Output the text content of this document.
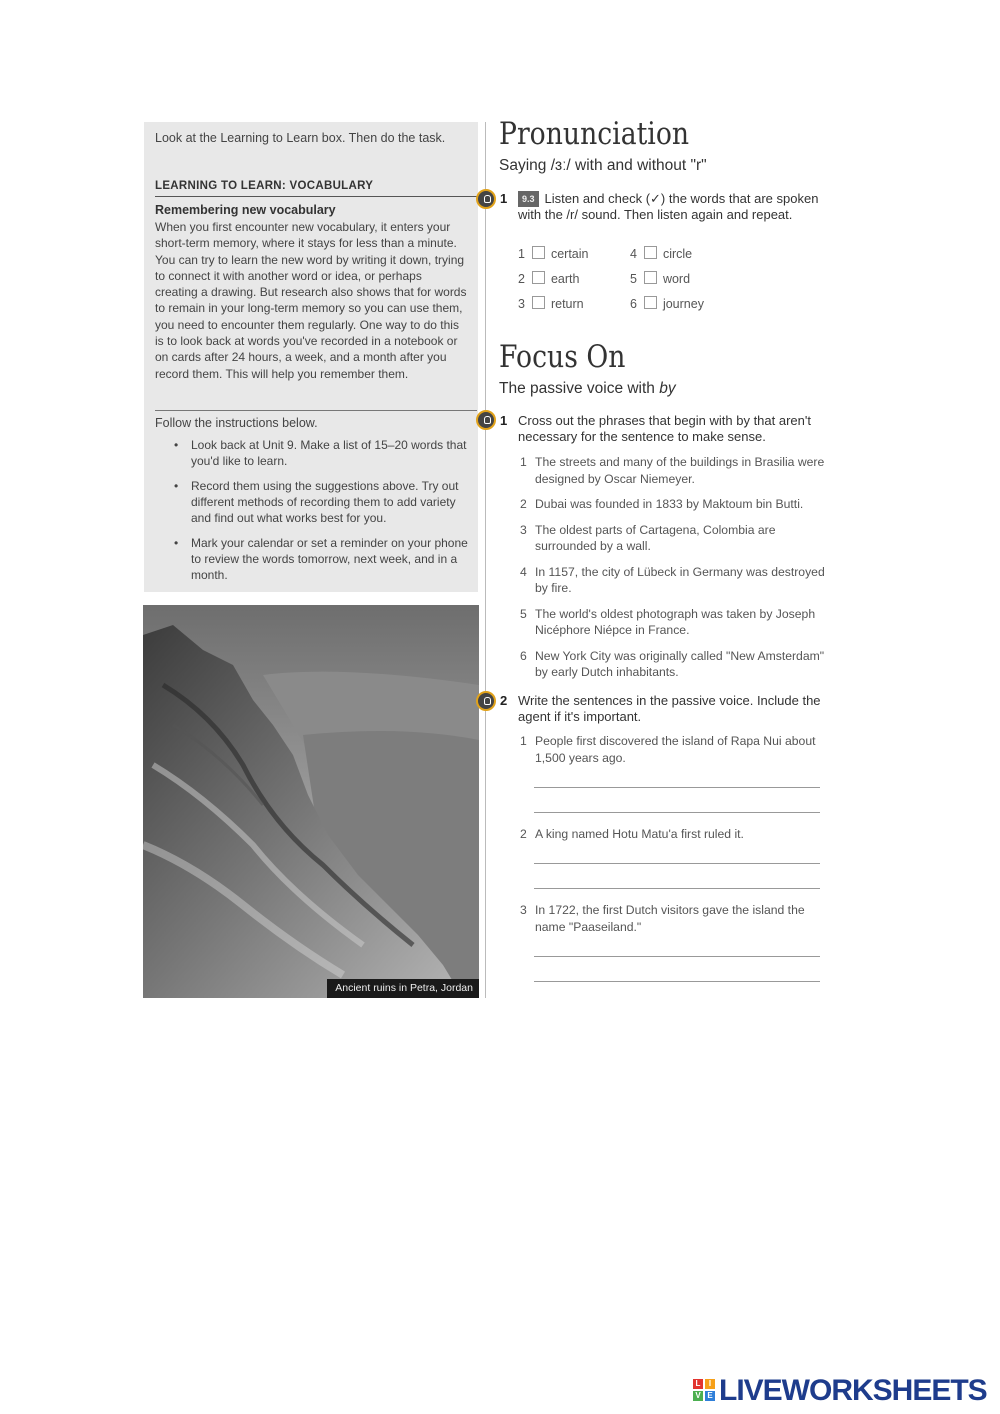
Look at the Learning to Learn box. Then do the task.
LEARNING TO LEARN: VOCABULARY
Remembering new vocabulary
When you first encounter new vocabulary, it enters your short-term memory, where it stays for less than a minute. You can try to learn the new word by writing it down, trying to connect it with another word or idea, or perhaps creating a drawing. But research also shows that for words to remain in your long-term memory so you can use them, you need to encounter them regularly. One way to do this is to look back at words you've recorded in a notebook or on cards after 24 hours, a week, and a month after you record them. This will help you remember them.
Follow the instructions below.
• Look back at Unit 9. Make a list of 15–20 words that you'd like to learn.
• Record them using the suggestions above. Try out different methods of recording them to add variety and find out what works best for you.
• Mark your calendar or set a reminder on your phone to review the words tomorrow, next week, and in a month.
Ancient ruins in Petra, Jordan
Pronunciation
Saying /ɜː/ with and without "r"
1	9.3 Listen and check (✓) the words that are spoken with the /r/ sound. Then listen again and repeat.
1 certain
2 earth
3 return
4 circle
5 word
6 journey
Focus On
The passive voice with by
1 Cross out the phrases that begin with by that aren't necessary for the sentence to make sense.
1 The streets and many of the buildings in Brasilia were designed by Oscar Niemeyer.
2 Dubai was founded in 1833 by Maktoum bin Butti.
3 The oldest parts of Cartagena, Colombia are surrounded by a wall.
4 In 1157, the city of Lübeck in Germany was destroyed by fire.
5 The world's oldest photograph was taken by Joseph Nicéphore Niépce in France.
6 New York City was originally called "New Amsterdam" by early Dutch inhabitants.
2 Write the sentences in the passive voice. Include the agent if it's important.
1 People first discovered the island of Rapa Nui about 1,500 years ago.
2 A king named Hotu Matu'a first ruled it.
3 In 1722, the first Dutch visitors gave the island the name "Paaseiland."
L	I
V E LIVEWORKSHEETS
